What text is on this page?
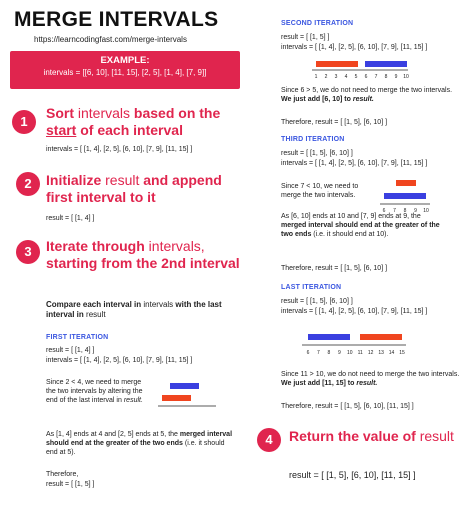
MERGE INTERVALS
https://learncodingfast.com/merge-intervals
EXAMPLE:
intervals = [[6, 10], [11, 15], [2, 5], [1, 4], [7, 9]]
1
Sort intervals based on the start of each interval
intervals = [ [1, 4], [2, 5], [6, 10], [7, 9], [11, 15] ]
2	Initialize result and append first interval to it
result = [ [1, 4] ]
3	Iterate through intervals, starting from the 2nd interval
Compare each interval in intervals with the last interval in result
FIRST ITERATION
result = [ [1, 4] ]
intervals = [ [1, 4], [2, 5], [6, 10], [7, 9], [11, 15] ]
Since 2 < 4, we need to merge the two intervals by altering the end of the last interval in result.
As [1, 4] ends at 4 and [2, 5] ends at 5, the merged interval should end at the greater of the two ends (i.e. it should end at 5).
Therefore,
result = [ [1, 5] ]
SECOND ITERATION
result = [ [1, 5] ]
intervals = [ [1, 4], [2, 5], [6, 10], [7, 9], [11, 15] ]
1 2 3 4 5 6 7 8 9 10
Since 6 > 5, we do not need to merge the two intervals. We just add [6, 10] to result.
Therefore, result = [ [1, 5], [6, 10] ]
THIRD ITERATION
result = [ [1, 5], [6, 10] ]
intervals = [ [1, 4], [2, 5], [6, 10], [7, 9], [11, 15] ]
Since 7 < 10, we need to merge the two intervals.
6 7 8 9 10
As [6, 10] ends at 10 and [7, 9] ends at 9, the merged interval should end at the greater of the two ends (i.e. it should end at 10).
Therefore, result = [ [1, 5], [6, 10] ]
LAST ITERATION
result = [ [1, 5], [6, 10] ]
intervals = [ [1, 4], [2, 5], [6, 10], [7, 9], [11, 15] ]
6 7 8 9 10 11 12 13 14 15
Since 11 > 10, we do not need to merge the two intervals. We just add [11, 15] to result.
Therefore, result = [ [1, 5], [6, 10], [11, 15] ]
4	Return the value of result
result = [ [1, 5], [6, 10], [11, 15] ]
